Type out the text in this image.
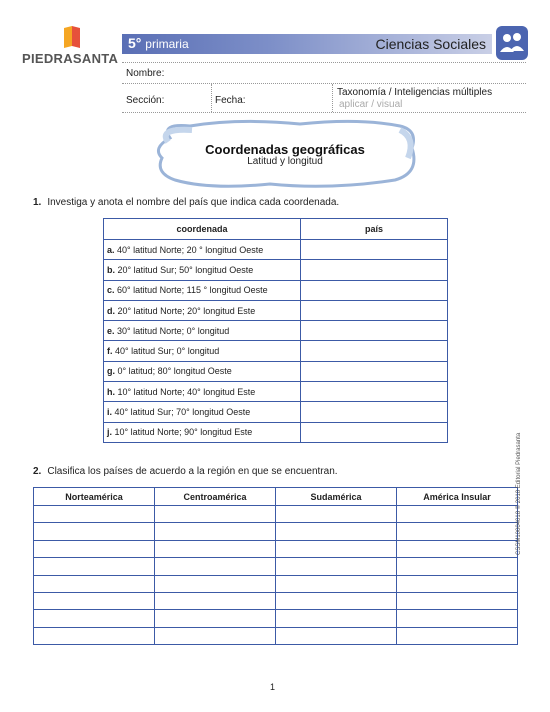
PIEDRASANTA
5° primaria	Ciencias Sociales
Nombre:
Sección:	Fecha:
Taxonomía / Inteligencias múltiples
aplicar / visual
Coordenadas geográficas
Latitud y longitud
1. Investiga y anota el nombre del país que indica cada coordenada.
coordenada	país
a. 40° latitud Norte; 20 ° longitud Oeste	
b. 20° latitud Sur; 50° longitud Oeste	
c. 60° latitud Norte; 115 ° longitud Oeste	
d. 20° latitud Norte; 20° longitud Este	
e. 30° latitud Norte; 0° longitud	
f. 40° latitud Sur; 0° longitud	
g. 0° latitud; 80° longitud Oeste	
h. 10° latitud Norte; 40° longitud Este	
i. 40° latitud Sur; 70° longitud Oeste	
j. 10° latitud Norte; 90° longitud Este	
2. Clasifica los países de acuerdo a la región en que se encuentran.
Norteamérica	Centroamérica	Sudamérica	América Insular

				CSSM10004018 © 2018 Editorial Piedrasanta
1
